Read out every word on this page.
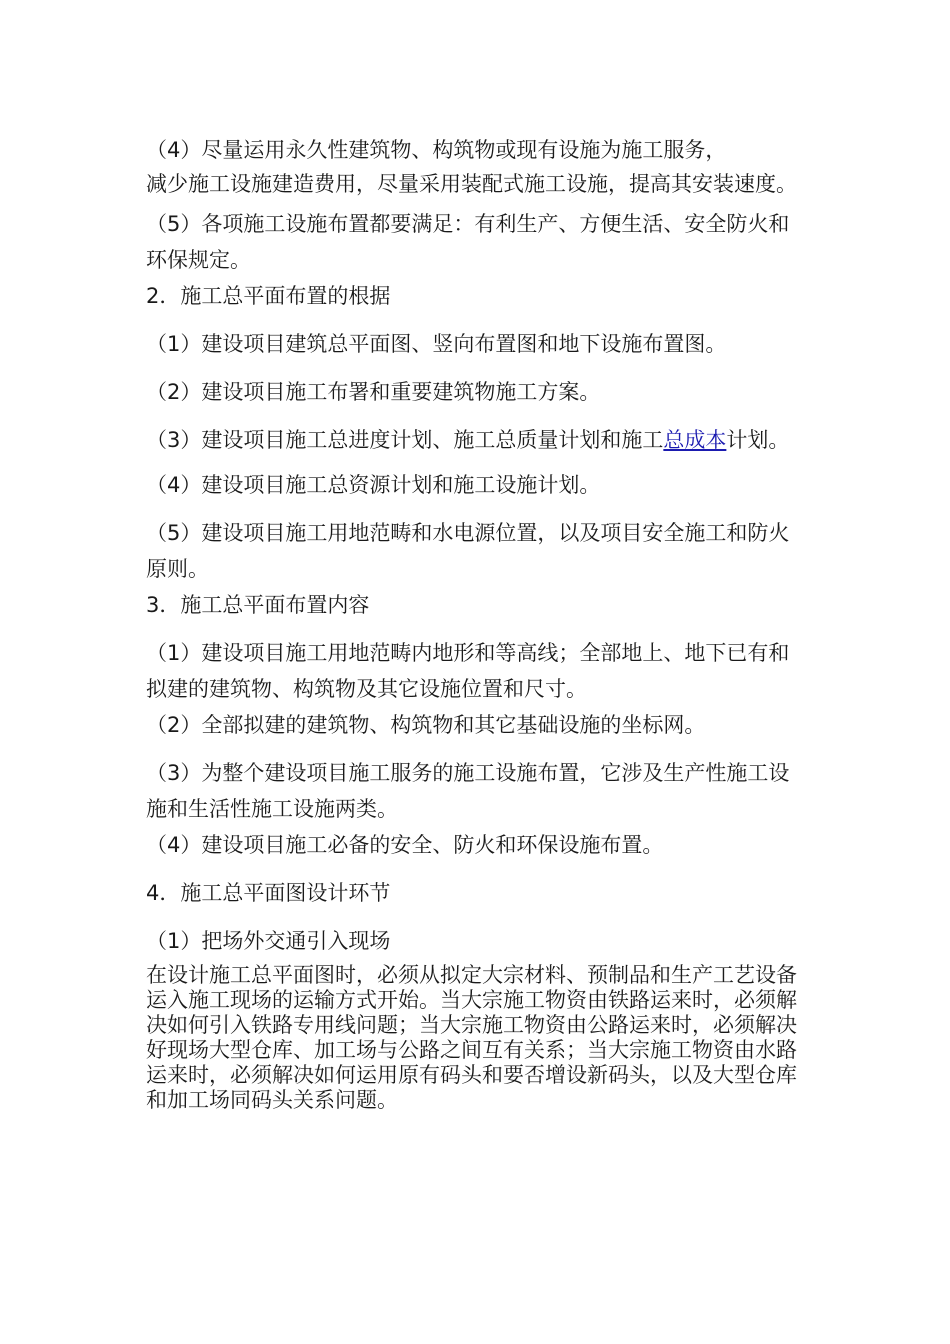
（4）尽量运用永久性建筑物、构筑物或现有设施为施工服务，

减少施工设施建造费用，尽量采用装配式施工设施，提高其安装速度。

（5）各项施工设施布置都要满足：有利生产、方便生活、安全防火和环保规定。

2．施工总平面布置的根据

（1）建设项目建筑总平面图、竖向布置图和地下设施布置图。

（2）建设项目施工布署和重要建筑物施工方案。

（3）建设项目施工总进度计划、施工总质量计划和施工总成本计划。

（4）建设项目施工总资源计划和施工设施计划。

（5）建设项目施工用地范畴和水电源位置，以及项目安全施工和防火原则。

3．施工总平面布置内容

（1）建设项目施工用地范畴内地形和等高线；全部地上、地下已有和拟建的建筑物、构筑物及其它设施位置和尺寸。

（2）全部拟建的建筑物、构筑物和其它基础设施的坐标网。

（3）为整个建设项目施工服务的施工设施布置，它涉及生产性施工设施和生活性施工设施两类。

（4）建设项目施工必备的安全、防火和环保设施布置。

4．施工总平面图设计环节

（1）把场外交通引入现场

在设计施工总平面图时，必须从拟定大宗材料、预制品和生产工艺设备运入施工现场的运输方式开始。当大宗施工物资由铁路运来时，必须解决如何引入铁路专用线问题；当大宗施工物资由公路运来时，必须解决好现场大型仓库、加工场与公路之间互有关系；当大宗施工物资由水路运来时，必须解决如何运用原有码头和要否增设新码头，以及大型仓库和加工场同码头关系问题。
